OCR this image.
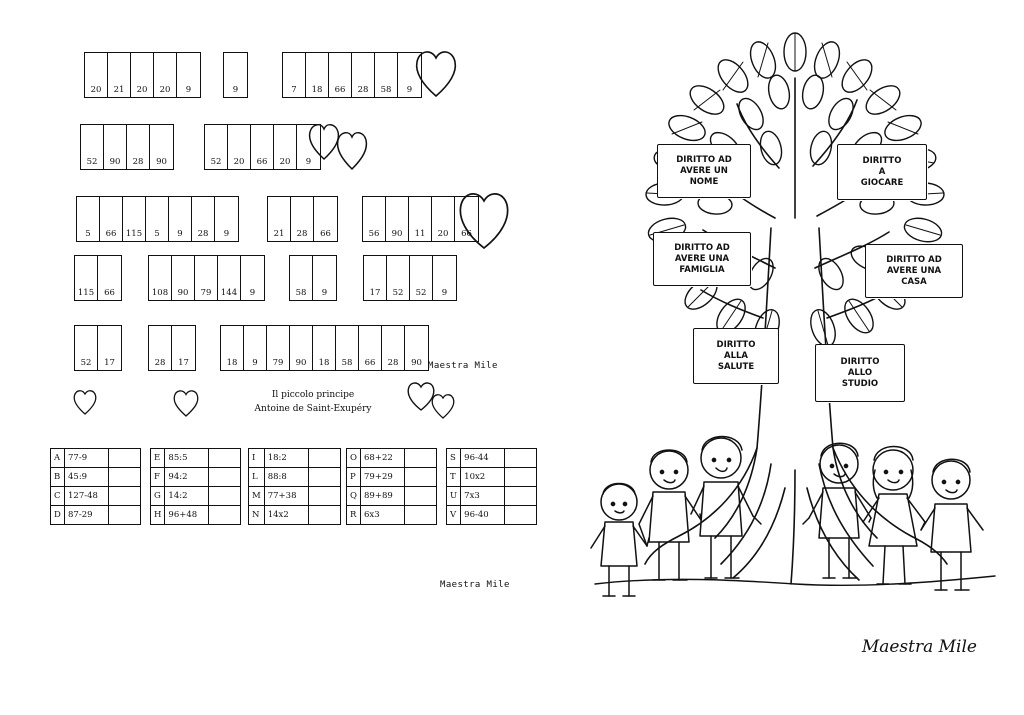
20 21 20 20 9	9	7 18 66 28 58 9
52 90 28 90	52 20 66 20 9
5 66 115 5 9 28 9	21 28 66	56 90 11 20 66
115 66	108 90 79 144 9	58 9	17 52 52 9
52 17	28 17	18 9 79 90 18 58 66 28 90
Il piccolo principe
Antoine de Saint-Exupéry
Maestra Mile
Maestra Mile
A	77-9	
B	45:9	
C	127-48	
D	87-29	
E	85:5	
F	94:2	
G	14:2	
H	96+48	
I	18:2	
L	88:8	
M	77+38	
N	14x2	
O	68+22	
P	79+29	
Q	89+89	
R	6x3	
S	96-44	
T	10x2	
U	7x3	
V	96-40	
DIRITTO AD
AVERE UN
NOME
DIRITTO
A
GIOCARE
DIRITTO AD
AVERE UNA
FAMIGLIA
DIRITTO AD
AVERE UNA
CASA
DIRITTO
ALLA
SALUTE	DIRITTO
ALLO
STUDIO
Maestra Mile
